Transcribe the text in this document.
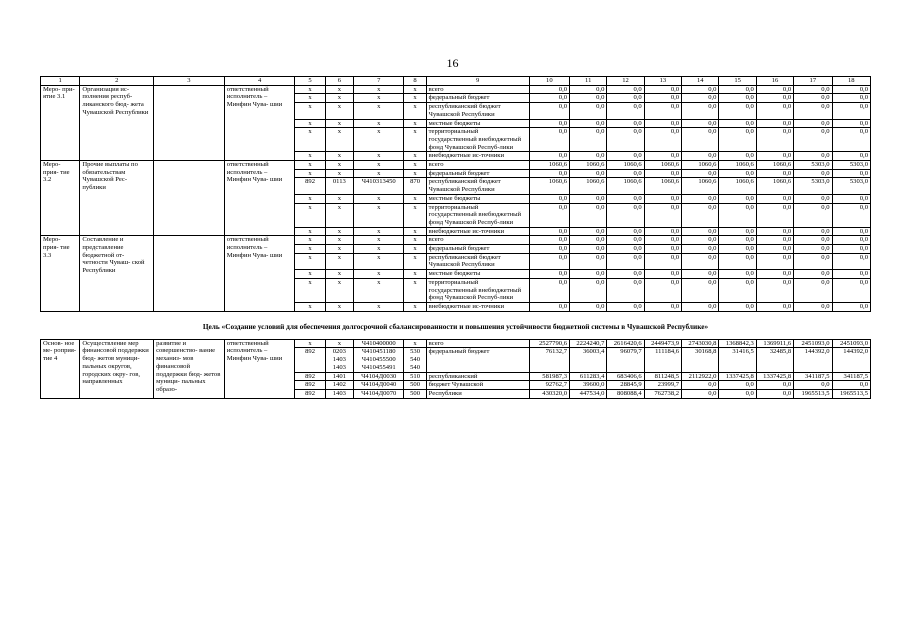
16
1	2	3	4	5	6	7	8	9	10	11	12	13	14	15	16	17	18
Меро- при- ятие 3.1	Организация ис- полнения респуб- ликанского бюд- жета Чувашской Республики		ответственный исполнитель – Минфин Чува- шии	x	x	x	x	всего	0,0	0,0	0,0	0,0	0,0	0,0	0,0	0,0	0,0
				x	x	x	x	федеральный бюджет	0,0	0,0	0,0	0,0	0,0	0,0	0,0	0,0	0,0
				x	x	x	x	республиканский бюджет Чувашской Республики	0,0	0,0	0,0	0,0	0,0	0,0	0,0	0,0	0,0
				x	x	x	x	местные бюджеты	0,0	0,0	0,0	0,0	0,0	0,0	0,0	0,0	0,0
				x	x	x	x	территориальный государственный внебюджетный фонд Чувашской Респуб-лики	0,0	0,0	0,0	0,0	0,0	0,0	0,0	0,0	0,0
				x	x	x	x	внебюджетные ис-точники	0,0	0,0	0,0	0,0	0,0	0,0	0,0	0,0	0,0
Меро- прия- тие 3.2	Прочие выплаты по обязательствам Чувашской Рес- публики		ответственный исполнитель – Минфин Чува- шии	x	x	x	x	всего	1060,6	1060,6	1060,6	1060,6	1060,6	1060,6	1060,6	5303,0	5303,0
				x	x	x	x	федеральный бюджет	0,0	0,0	0,0	0,0	0,0	0,0	0,0	0,0	0,0
				892	0113	Ч410313450	870	республиканский бюджет Чувашской Республики	1060,6	1060,6	1060,6	1060,6	1060,6	1060,6	1060,6	5303,0	5303,0
				x	x	x	x	местные бюджеты	0,0	0,0	0,0	0,0	0,0	0,0	0,0	0,0	0,0
				x	x	x	x	территориальный государственный внебюджетный фонд Чувашской Респуб-лики	0,0	0,0	0,0	0,0	0,0	0,0	0,0	0,0	0,0
				x	x	x	x	внебюджетные ис-точники	0,0	0,0	0,0	0,0	0,0	0,0	0,0	0,0	0,0
Меро- прия- тие 3.3	Составление и представление бюджетной от- четности Чуваш- ской Республики		ответственный исполнитель – Минфин Чува- шии	x	x	x	x	всего	0,0	0,0	0,0	0,0	0,0	0,0	0,0	0,0	0,0
				x	x	x	x	федеральный бюджет	0,0	0,0	0,0	0,0	0,0	0,0	0,0	0,0	0,0
				x	x	x	x	республиканский бюджет Чувашской Республики	0,0	0,0	0,0	0,0	0,0	0,0	0,0	0,0	0,0
				x	x	x	x	местные бюджеты	0,0	0,0	0,0	0,0	0,0	0,0	0,0	0,0	0,0
				x	x	x	x	территориальный государственный внебюджетный фонд Чувашской Респуб-лики	0,0	0,0	0,0	0,0	0,0	0,0	0,0	0,0	0,0
				x	x	x	x	внебюджетные ис-точники	0,0	0,0	0,0	0,0	0,0	0,0	0,0	0,0	0,0
Цель «Создание условий для обеспечения долгосрочной сбалансированности и повышения устойчивости бюджетной системы в Чувашской Республике»																	
Основ- ное ме- роприя- тие 4	Осуществление мер финансовой поддержки бюд- жетов муници- пальных округов, городских окру- гов, направленных	развитие и совершенство- вание механиз- мов финансовой поддержки бюд- жетов муници- пальных образо-	ответственный исполнитель – Минфин Чува- шии	x	x	Ч410400000	x	всего	2527790,6	2224240,7	2616420,6	2449473,9	2743030,8	1368842,3	1369911,6	2451093,0	2451093,0
				892	0203 1403 1403	Ч410451180 Ч410455500 Ч410455491	530 540 540	федеральный бюджет	76132,7	36003,4	96079,7	111184,6	30168,8	31416,5	32485,8	144392,0	144392,0
				892	1401	Ч4104Д0030	510	республиканский	581987,3	611283,4	683406,6	811248,5	2112922,0	1337425,8	1337425,8	341187,5	341187,5
				892	1402	Ч4104Д0040	500	бюджет Чувашской	92762,7	39600,0	28845,9	23999,7	0,0	0,0	0,0	0,0	0,0
				892	1403	Ч4104Д0070	500	Республики	430320,0	447534,0	808088,4	762738,2	0,0	0,0	0,0	1965513,5	1965513,5
